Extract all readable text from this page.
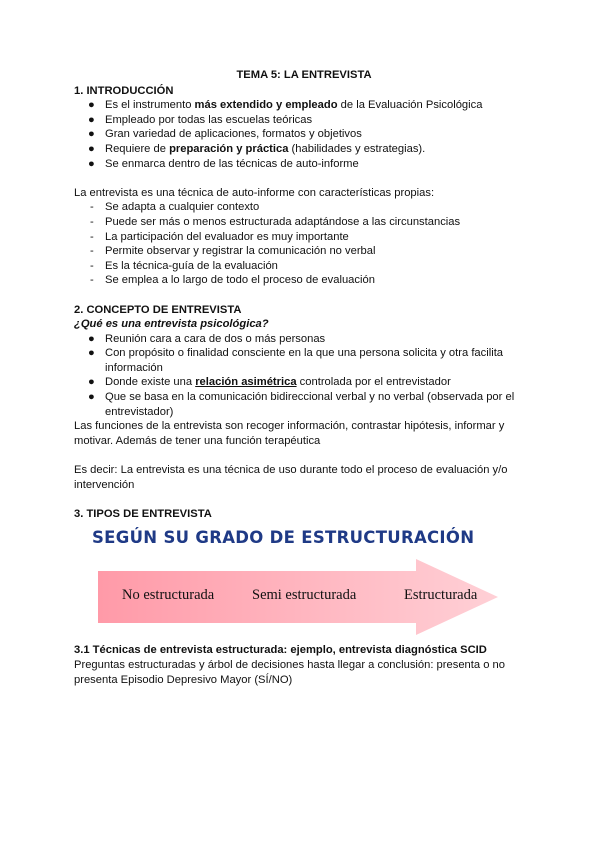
TEMA 5: LA ENTREVISTA
1. INTRODUCCIÓN
● Es el instrumento más extendido y empleado de la Evaluación Psicológica
● Empleado por todas las escuelas teóricas
● Gran variedad de aplicaciones, formatos y objetivos
● Requiere de preparación y práctica (habilidades y estrategias).
● Se enmarca dentro de las técnicas de auto-informe

La entrevista es una técnica de auto-informe con características propias:

- Se adapta a cualquier contexto
- Puede ser más o menos estructurada adaptándose a las circunstancias
- La participación del evaluador es muy importante
- Permite observar y registrar la comunicación no verbal
- Es la técnica-guía de la evaluación
- Se emplea a lo largo de todo el proceso de evaluación
2. CONCEPTO DE ENTREVISTA
¿Qué es una entrevista psicológica?
● Reunión cara a cara de dos o más personas
● Con propósito o finalidad consciente en la que una persona solicita y otra facilita información
● Donde existe una relación asimétrica controlada por el entrevistador
● Que se basa en la comunicación bidireccional verbal y no verbal (observada por el entrevistador)

Las funciones de la entrevista son recoger información, contrastar hipótesis, informar y motivar. Además de tener una función terapéutica

Es decir: La entrevista es una técnica de uso durante todo el proceso de evaluación y/o intervención

3. TIPOS DE ENTREVISTA
SEGÚN SU GRADO DE ESTRUCTURACIÓN
No estructurada	Semi estructurada	Estructurada
3.1 Técnicas de entrevista estructurada: ejemplo, entrevista diagnóstica SCID

Preguntas estructuradas y árbol de decisiones hasta llegar a conclusión: presenta o no presenta Episodio Depresivo Mayor (SÍ/NO)
